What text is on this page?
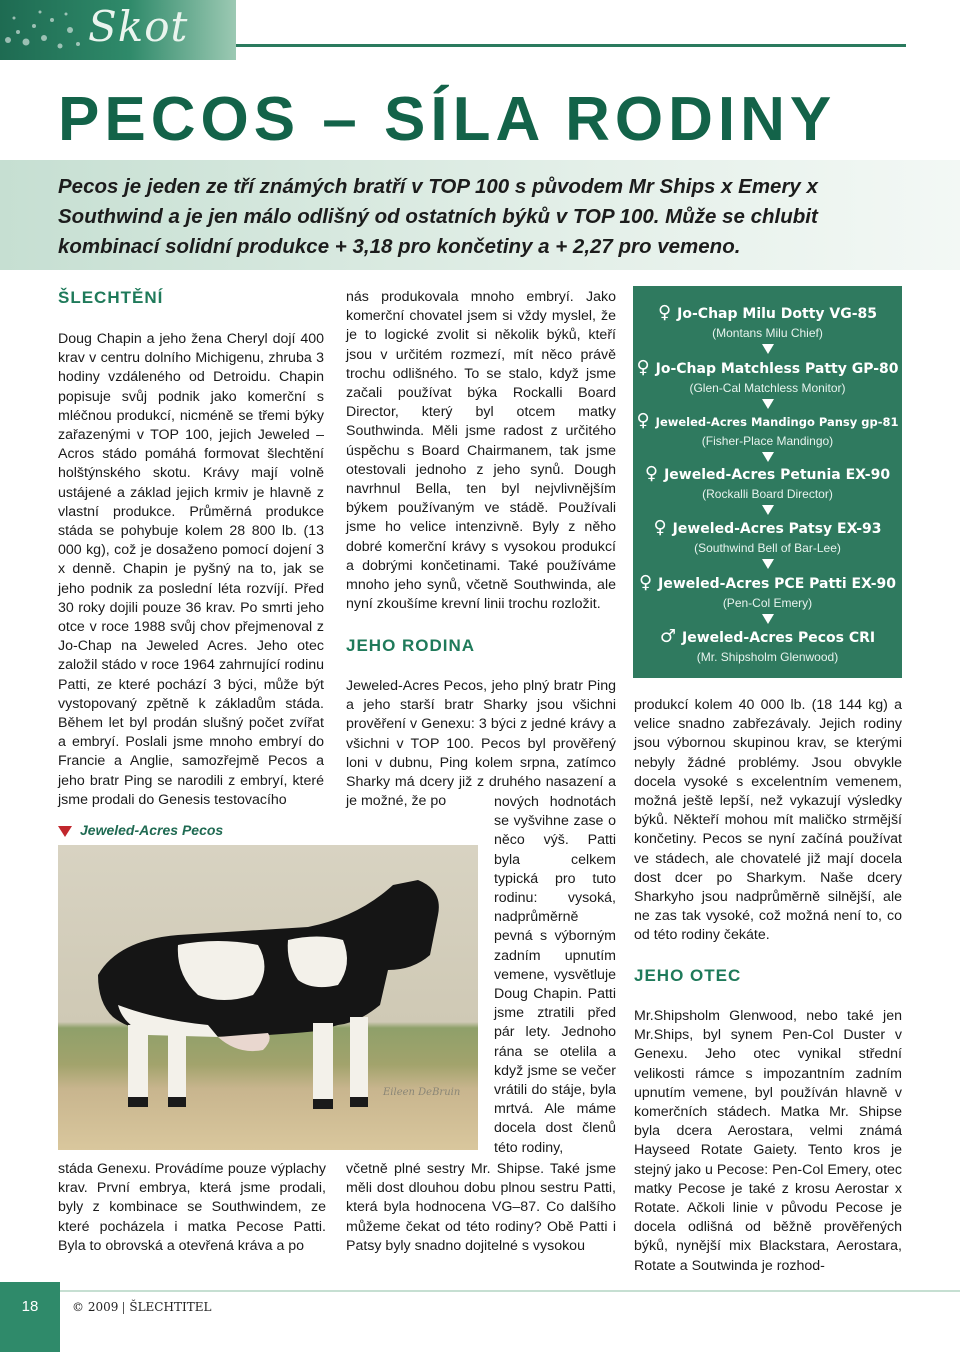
Skot
PECOS – SÍLA RODINY
Pecos je jeden ze tří známých bratří v TOP 100 s původem Mr Ships x Emery x Southwind a je jen málo odlišný od ostatních býků v TOP 100. Může se chlubit kombinací solidní produkce + 3,18 pro končetiny a + 2,27 pro vemeno.
ŠLECHTĚNÍ

Doug Chapin a jeho žena Cheryl dojí 400 krav v centru dolního Michigenu, zhruba 3 hodiny vzdáleného od Detroidu. Chapin popisuje svůj podnik jako komerční s mléčnou produkcí, nicméně se třemi býky zařazenými v TOP 100, jejich Jeweled – Acros stádo pomáhá formovat šlechtění holštýnského skotu. Krávy mají volně ustájené a základ jejich krmiv je hlavně z vlastní produkce. Průměrná produkce stáda se pohybuje kolem 28 800 lb. (13 000 kg), což je dosaženo pomocí dojení 3 x denně. Chapin je pyšný na to, jak se jeho podnik za poslední léta rozvíjí. Před 30 roky dojili pouze 36 krav. Po smrti jeho otce v roce 1988 svůj chov přejmenoval z Jo-Chap na Jeweled Acres. Jeho otec založil stádo v roce 1964 zahrnující rodinu Patti, ze které pochází 3 býci, může být vystopovaný zpětně k základům stáda. Během let byl prodán slušný počet zvířat a embryí. Poslali jsme mnoho embryí do Francie a Anglie, samozřejmě Pecos a jeho bratr Ping se narodili z embryí, které jsme prodali do Genesis testovacího

Jeweled-Acres Pecos
Eileen DeBruin

stáda Genexu. Provádíme pouze výplachy krav. První embrya, která jsme prodali, byly z kombinace se Southwindem, ze které pocházela i matka Pecose Patti. Byla to obrovská a otevřená kráva a po

nás produkovala mnoho embryí. Jako komerční chovatel jsem si vždy myslel, že je to logické zvolit si několik býků, kteří jsou v určitém rozmezí, mít něco právě trochu odlišného. To se stalo, když jsme začali používat býka Rockalli Board Director, který byl otcem matky Southwinda. Měli jsme radost z určitého úspěchu s Board Chairmanem, tak jsme otestovali jednoho z jeho synů. Dough navrhnul Bella, ten byl nejvlivnějším býkem používaným ve stádě. Používali jsme ho velice intenzivně. Byly z něho dobré komerční krávy s vysokou produkcí a dobrými končetinami. Také používáme mnoho jeho synů, včetně Southwinda, ale nyní zkoušíme krevní linii trochu rozložit.

JEHO RODINA

Jeweled-Acres Pecos, jeho plný bratr Ping a jeho starší bratr Sharky jsou všichni prověření v Genexu: 3 býci z jedné krávy a všichni v TOP 100. Pecos byl prověřený loni v dubnu, Ping kolem srpna, zatímco Sharky má dcery již z druhého nasazení a je možné, že po	nových hodnotách se vyšvihne zase o něco výš. Patti byla celkem typická pro tuto rodinu: vysoká, nadprůměrně pevná s výborným zadním upnutím vemene, vysvětluje Doug Chapin. Patti jsme ztratili před pár lety. Jednoho rána se otelila a když jsme se večer vrátili do stáje, byla mrtvá. Ale máme docela dost členů této rodiny,

včetně plné sestry Mr. Shipse. Také jsme měli dost dlouhou dobu plnou sestru Patti, která byla hodnocena VG–87. Co dalšího můžeme čekat od této rodiny? Obě Patti i Patsy byly snadno dojitelné s vysokou

♀ Jo-Chap Milu Dotty VG-85
(Montans Milu Chief)
♀ Jo-Chap Matchless Patty GP-80
(Glen-Cal Matchless Monitor)
♀ Jeweled-Acres Mandingo Pansy gp-81
(Fisher-Place Mandingo)
♀ Jeweled-Acres Petunia EX-90
(Rockalli Board Director)
♀ Jeweled-Acres Patsy EX-93
(Southwind Bell of Bar-Lee)
♀ Jeweled-Acres PCE Patti EX-90
(Pen-Col Emery)
♂ Jeweled-Acres Pecos CRI
(Mr. Shipsholm Glenwood)

produkcí kolem 40 000 lb. (18 144 kg) a velice snadno zabřezávaly. Jejich rodiny jsou výbornou skupinou krav, se kterými nebyly žádné problémy. Jsou obvykle docela vysoké s excelentním vemenem, možná ještě lepší, než vykazují výsledky býků. Někteří mohou mít maličko strmější končetiny. Pecos se nyní začíná používat ve stádech, ale chovatelé již mají docela dost dcer po Sharkym. Naše dcery Sharkyho jsou nadprůměrně silnější, ale ne zas tak vysoké, což možná není to, co od této rodiny čekáte.

JEHO OTEC

Mr.Shipsholm Glenwood, nebo také jen Mr.Ships, byl synem Pen-Col Duster v Genexu. Jeho otec vynikal střední velikosti rámce s impozantním zadním upnutím vemene, byl používán hlavně v komerčních stádech. Matka Mr. Shipse byla dcera Aerostara, velmi známá Hayseed Rotate Gaiety. Tento kros je stejný jako u Pecose: Pen-Col Emery, otec matky Pecose je také z krosu Aerostar x Rotate. Ačkoli linie v původu Pecose je docela odlišná od běžně prověřených býků, nynější mix Blackstara, Aerostara, Rotate a Soutwinda je rozhod-

18	© 2009 ŠLECHTITEL
